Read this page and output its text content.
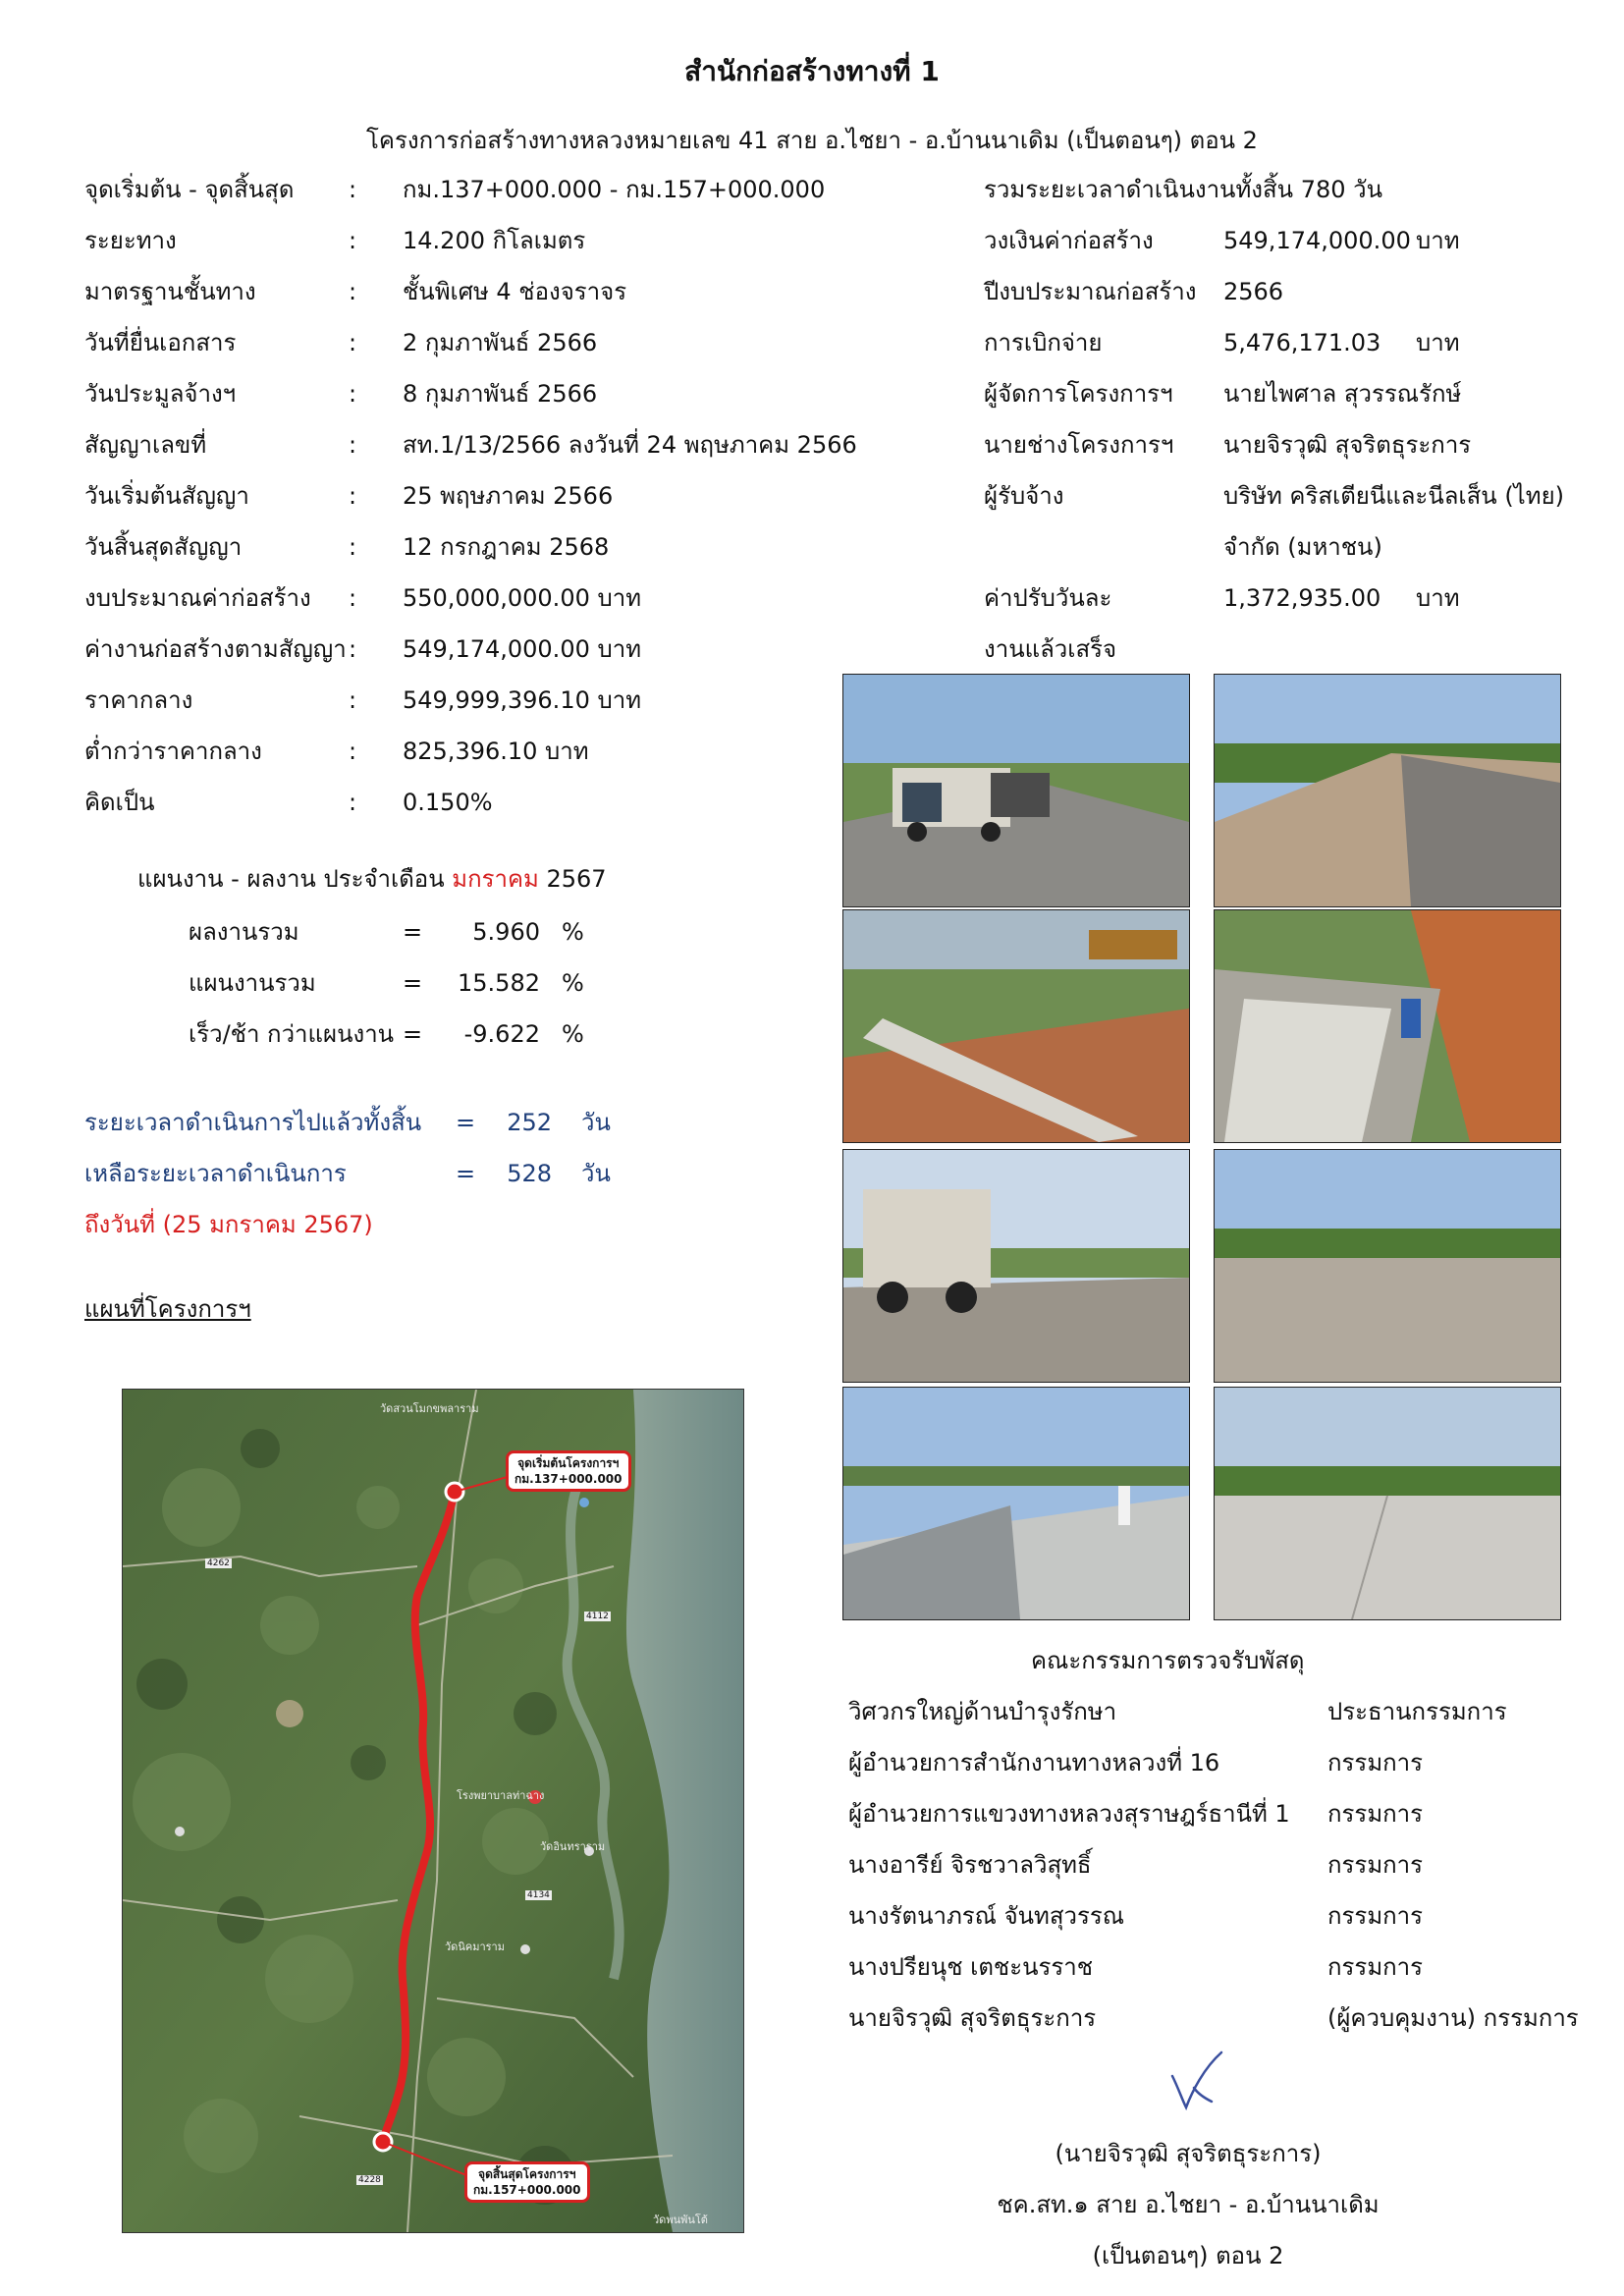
สำนักก่อสร้างทางที่ 1
โครงการก่อสร้างทางหลวงหมายเลข 41 สาย อ.ไชยา - อ.บ้านนาเดิม (เป็นตอนๆ) ตอน 2
จุดเริ่มต้น - จุดสิ้นสุด : กม.137+000.000 - กม.157+000.000
ระยะทาง	: 14.200 กิโลเมตร
มาตรฐานชั้นทาง	: ชั้นพิเศษ 4 ช่องจราจร
วันที่ยื่นเอกสาร	: 2 กุมภาพันธ์ 2566
วันประมูลจ้างฯ	: 8 กุมภาพันธ์ 2566
สัญญาเลขที่	: สท.1/13/2566 ลงวันที่ 24 พฤษภาคม 2566
วันเริ่มต้นสัญญา	: 25 พฤษภาคม 2566
วันสิ้นสุดสัญญา	: 12 กรกฎาคม 2568
งบประมาณค่าก่อสร้าง : 550,000,000.00 บาท
ค่างานก่อสร้างตามสัญญา : 549,174,000.00 บาท
ราคากลาง	: 549,999,396.10 บาท
ต่ำกว่าราคากลาง	: 825,396.10 บาท
คิดเป็น	: 0.150%
รวมระยะเวลาดำเนินงานทั้งสิ้น 780 วัน
วงเงินค่าก่อสร้าง	549,174,000.00 บาท
ปีงบประมาณก่อสร้าง 2566
การเบิกจ่าย	5,476,171.03 บาท
ผู้จัดการโครงการฯ นายไพศาล สุวรรณรักษ์
นายช่างโครงการฯ นายจิรวุฒิ สุจริตธุระการ
ผู้รับจ้าง	บริษัท คริสเตียนีและนีลเส็น (ไทย)
จำกัด (มหาชน)
ค่าปรับวันละ	1,372,935.00 บาท
งานแล้วเสร็จ
แผนงาน - ผลงาน ประจำเดือน มกราคม 2567
ผลงานรวม	=	5.960 %
แผนงานรวม	=	15.582 %
เร็ว/ช้า กว่าแผนงาน =	-9.622 %
ระยะเวลาดำเนินการไปแล้วทั้งสิ้น =	252 วัน
เหลือระยะเวลาดำเนินการ	=	528 วัน
ถึงวันที่ (25 มกราคม 2567)
แผนที่โครงการฯ
จุดเริ่มต้นโครงการฯ
กม.137+000.000
จุดสิ้นสุดโครงการฯ
กม.157+000.000
วัดสวนโมกขพลาราม
โรงพยาบาลท่าฉาง
วัดอินทราราม
วัดนิคมาราม
วัดพนพันโต้
4262
4112
4228
4134
คณะกรรมการตรวจรับพัสดุ
วิศวกรใหญ่ด้านบำรุงรักษา	ประธานกรรมการ
ผู้อำนวยการสำนักงานทางหลวงที่ 16	กรรมการ
ผู้อำนวยการแขวงทางหลวงสุราษฎร์ธานีที่ 1 กรรมการ
นางอารีย์ จิรชวาลวิสุทธิ์	กรรมการ
นางรัตนาภรณ์ จันทสุวรรณ	กรรมการ
นางปรียนุช เตชะนรราช	กรรมการ
นายจิรวุฒิ สุจริตธุระการ	(ผู้ควบคุมงาน) กรรมการ
(นายจิรวุฒิ สุจริตธุระการ)
ชค.สท.๑ สาย อ.ไชยา - อ.บ้านนาเดิม
(เป็นตอนๆ) ตอน 2
